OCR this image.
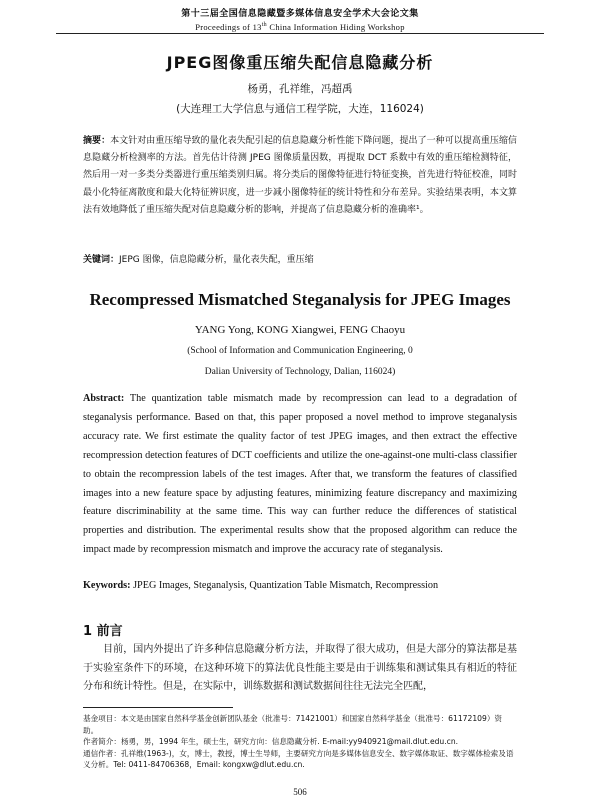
第十三届全国信息隐藏暨多媒体信息安全学术大会论文集
Proceedings of 13th China Information Hiding Workshop
JPEG图像重压缩失配信息隐藏分析
杨勇，孔祥维，冯超禹
(大连理工大学信息与通信工程学院，大连，116024)
摘要：本文针对由重压缩导致的量化表失配引起的信息隐藏分析性能下降问题，提出了一种可以提高重压缩信息隐藏分析检测率的方法。首先估计待测 JPEG 图像质量因数，再提取 DCT 系数中有效的重压缩检测特征，然后用一对一多类分类器进行重压缩类别归属。将分类后的图像特征进行特征变换，首先进行特征校准，同时最小化特征离散度和最大化特征辨识度，进一步减小图像特征的统计特性和分布差异。实验结果表明，本文算法有效地降低了重压缩失配对信息隐藏分析的影响，并提高了信息隐藏分析的准确率¹。
关键词：JEPG 图像，信息隐藏分析，量化表失配，重压缩
Recompressed Mismatched Steganalysis for JPEG Images
YANG Yong, KONG Xiangwei, FENG Chaoyu
(School of Information and Communication Engineering, 0
Dalian University of Technology, Dalian, 116024)
Abstract: The quantization table mismatch made by recompression can lead to a degradation of steganalysis performance. Based on that, this paper proposed a novel method to improve steganalysis accuracy rate. We first estimate the quality factor of test JPEG images, and then extract the effective recompression detection features of DCT coefficients and utilize the one-against-one multi-class classifier to obtain the recompression labels of the test images. After that, we transform the features of classified images into a new feature space by adjusting features, minimizing feature discrepancy and maximizing feature discriminability at the same time. This way can further reduce the differences of statistical properties and distribution. The experimental results show that the proposed algorithm can reduce the impact made by recompression mismatch and improve the accuracy rate of steganalysis.
Keywords: JPEG Images, Steganalysis, Quantization Table Mismatch, Recompression
1 前言
目前，国内外提出了许多种信息隐藏分析方法，并取得了很大成功，但是大部分的算法都是基于实验室条件下的环境，在这种环境下的算法优良性能主要是由于训练集和测试集具有相近的特征分布和统计特性。但是，在实际中，训练数据和测试数据间往往无法完全匹配，
基金项目：本文是由国家自然科学基金创新团队基金（批准号：71421001）和国家自然科学基金（批准号：61172109）资助。
作者简介：杨勇，男，1994 年生，硕士生，研究方向：信息隐藏分析. E-mail:yy940921@mail.dlut.edu.cn.
通信作者：孔祥维(1963-)，女，博士，教授，博士生导师，主要研究方向是多媒体信息安全、数字媒体取证、数字媒体检索及语义分析。Tel: 0411-84706368，Email: kongxw@dlut.edu.cn.
506
